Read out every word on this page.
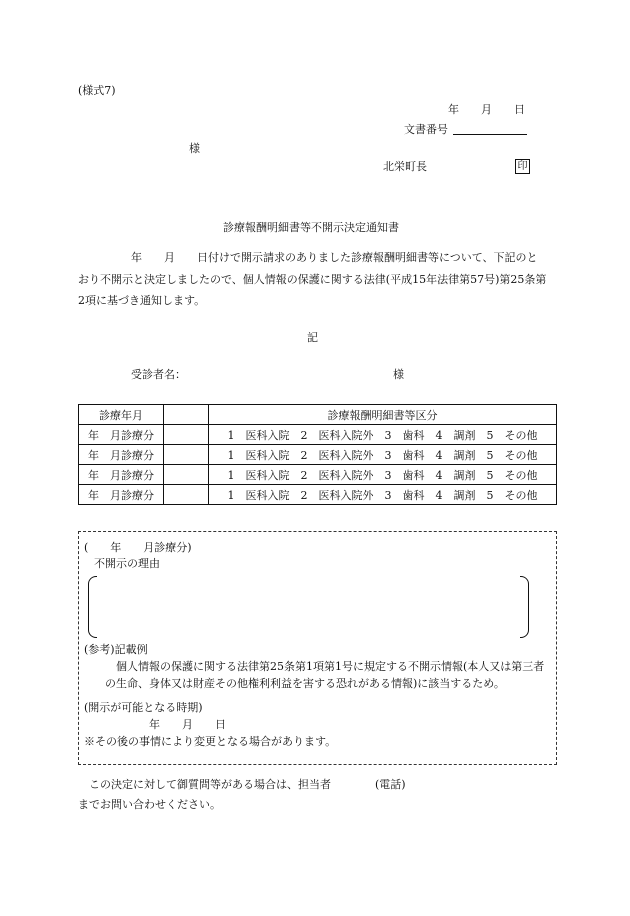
(様式7)
年　　月　　日
文書番号
様
北栄町長	印
診療報酬明細書等不開示決定通知書
年　　月　　日付けで開示請求のありました診療報酬明細書等について、下記のと
おり不開示と決定しましたので、個人情報の保護に関する法律(平成15年法律第57号)第25条第
2項に基づき通知します。
記
受診者名：	様
診療年月		診療報酬明細書等区分
年　月診療分		1　医科入院　2　医科入院外　3　歯科　4　調剤　5　その他
年　月診療分		1　医科入院　2　医科入院外　3　歯科　4　調剤　5　その他
年　月診療分		1　医科入院　2　医科入院外　3　歯科　4　調剤　5　その他
年　月診療分		1　医科入院　2　医科入院外　3　歯科　4　調剤　5　その他
(　　年　　月診療分)
不開示の理由
(参考)記載例
個人情報の保護に関する法律第25条第1項第1号に規定する不開示情報(本人又は第三者
の生命、身体又は財産その他権利利益を害する恐れがある情報)に該当するため。
(開示が可能となる時期)
年　　月　　日
※その後の事情により変更となる場合があります。
この決定に対して御質問等がある場合は、担当者　　　　(電話)
までお問い合わせください。
